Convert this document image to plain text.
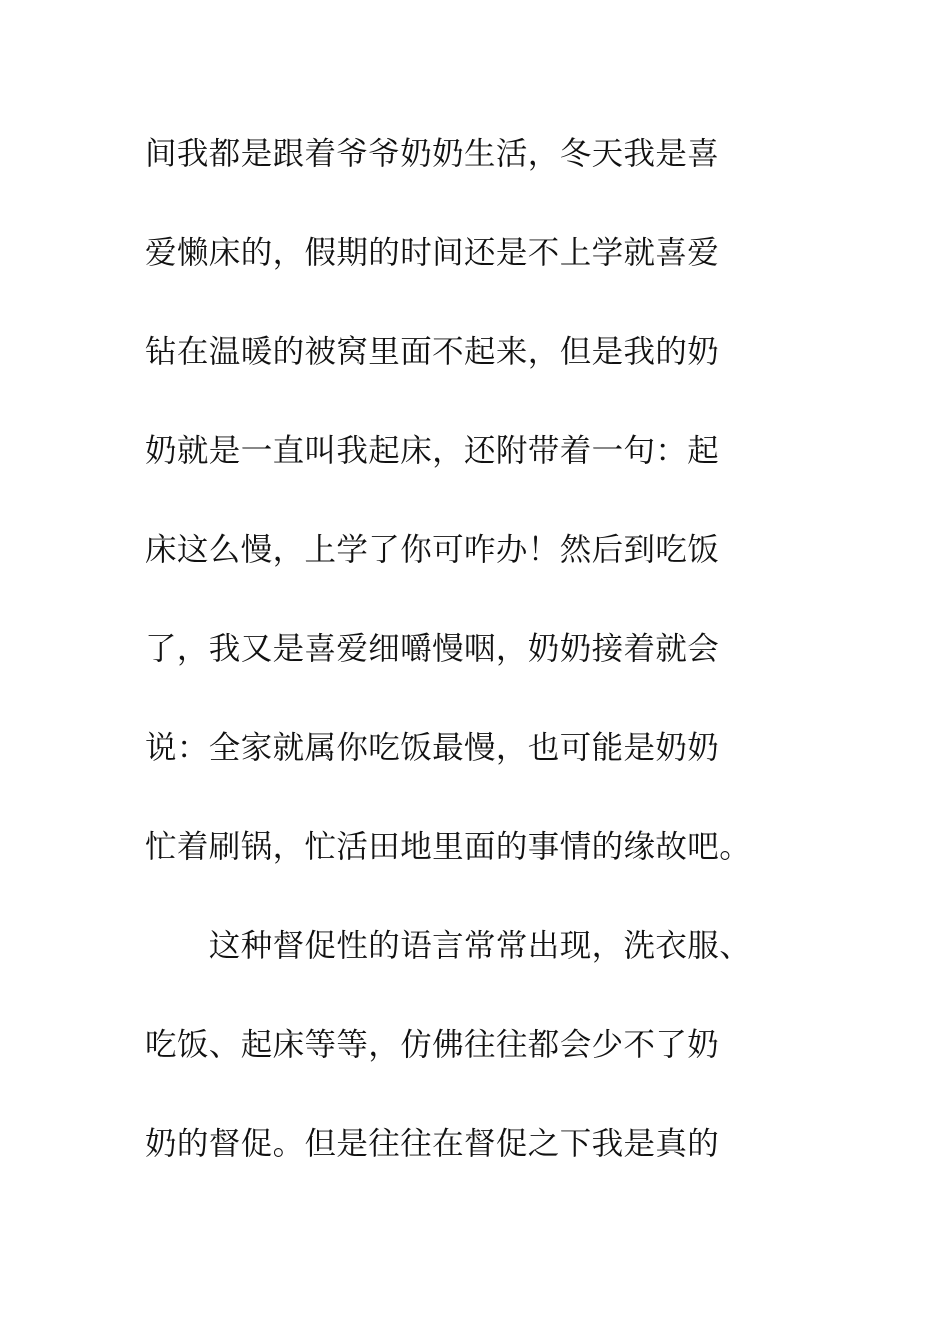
间我都是跟着爷爷奶奶生活，冬天我是喜
爱懒床的，假期的时间还是不上学就喜爱
钻在温暖的被窝里面不起来，但是我的奶
奶就是一直叫我起床，还附带着一句：起
床这么慢，上学了你可咋办！然后到吃饭
了，我又是喜爱细嚼慢咽，奶奶接着就会
说：全家就属你吃饭最慢，也可能是奶奶
忙着刷锅，忙活田地里面的事情的缘故吧。
　　这种督促性的语言常常出现，洗衣服、
吃饭、起床等等，仿佛往往都会少不了奶
奶的督促。但是往往在督促之下我是真的
